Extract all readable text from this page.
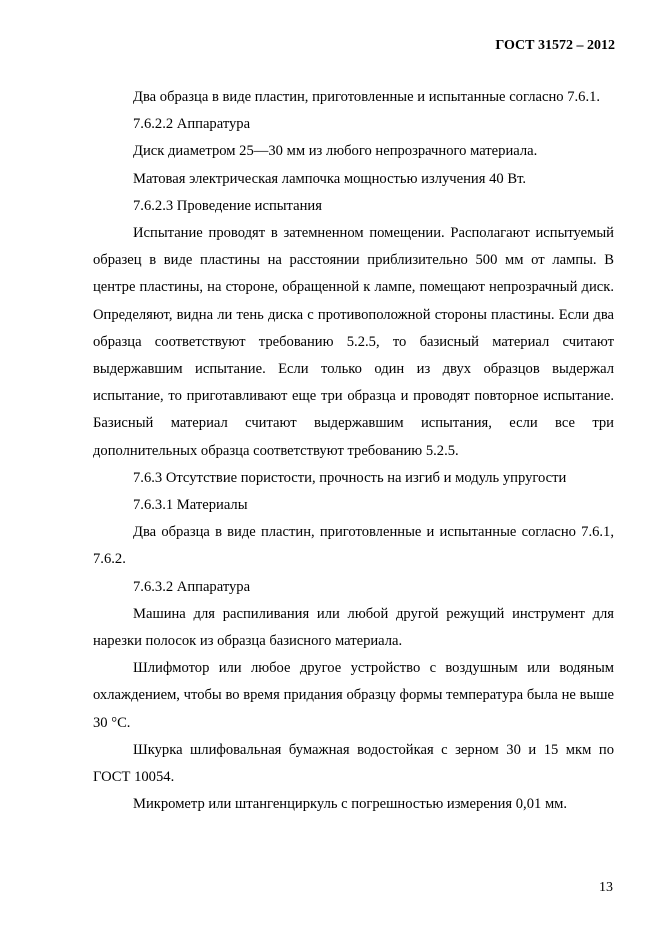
ГОСТ 31572 – 2012

Два образца в виде пластин, приготовленные и испытанные согласно 7.6.1.

7.6.2.2 Аппаратура

Диск диаметром 25—30 мм из любого непрозрачного материала.

Матовая электрическая лампочка мощностью излучения 40 Вт.

7.6.2.3 Проведение испытания

Испытание проводят в затемненном помещении. Располагают испытуемый образец в виде пластины на расстоянии приблизительно 500 мм от лампы. В центре пластины, на стороне, обращенной к лампе, помещают непрозрачный диск. Определяют, видна ли тень диска с противоположной стороны пластины. Если два образца соответствуют требованию 5.2.5, то базисный материал считают выдержавшим испытание. Если только один из двух образцов выдержал испытание, то приготавливают еще три образца и проводят повторное испытание. Базисный материал считают выдержавшим испытания, если все три дополнительных образца соответствуют требованию 5.2.5.

7.6.3 Отсутствие пористости, прочность на изгиб и модуль упругости

7.6.3.1 Материалы

Два образца в виде пластин, приготовленные и испытанные согласно 7.6.1, 7.6.2.

7.6.3.2 Аппаратура

Машина для распиливания или любой другой режущий инструмент для нарезки полосок из образца базисного материала.

Шлифмотор или любое другое устройство с воздушным или водяным охлаждением, чтобы во время придания образцу формы температура была не выше 30 °С.

Шкурка шлифовальная бумажная водостойкая с зерном 30 и 15 мкм по ГОСТ 10054.

Микрометр или штангенциркуль с погрешностью измерения 0,01 мм.

13
